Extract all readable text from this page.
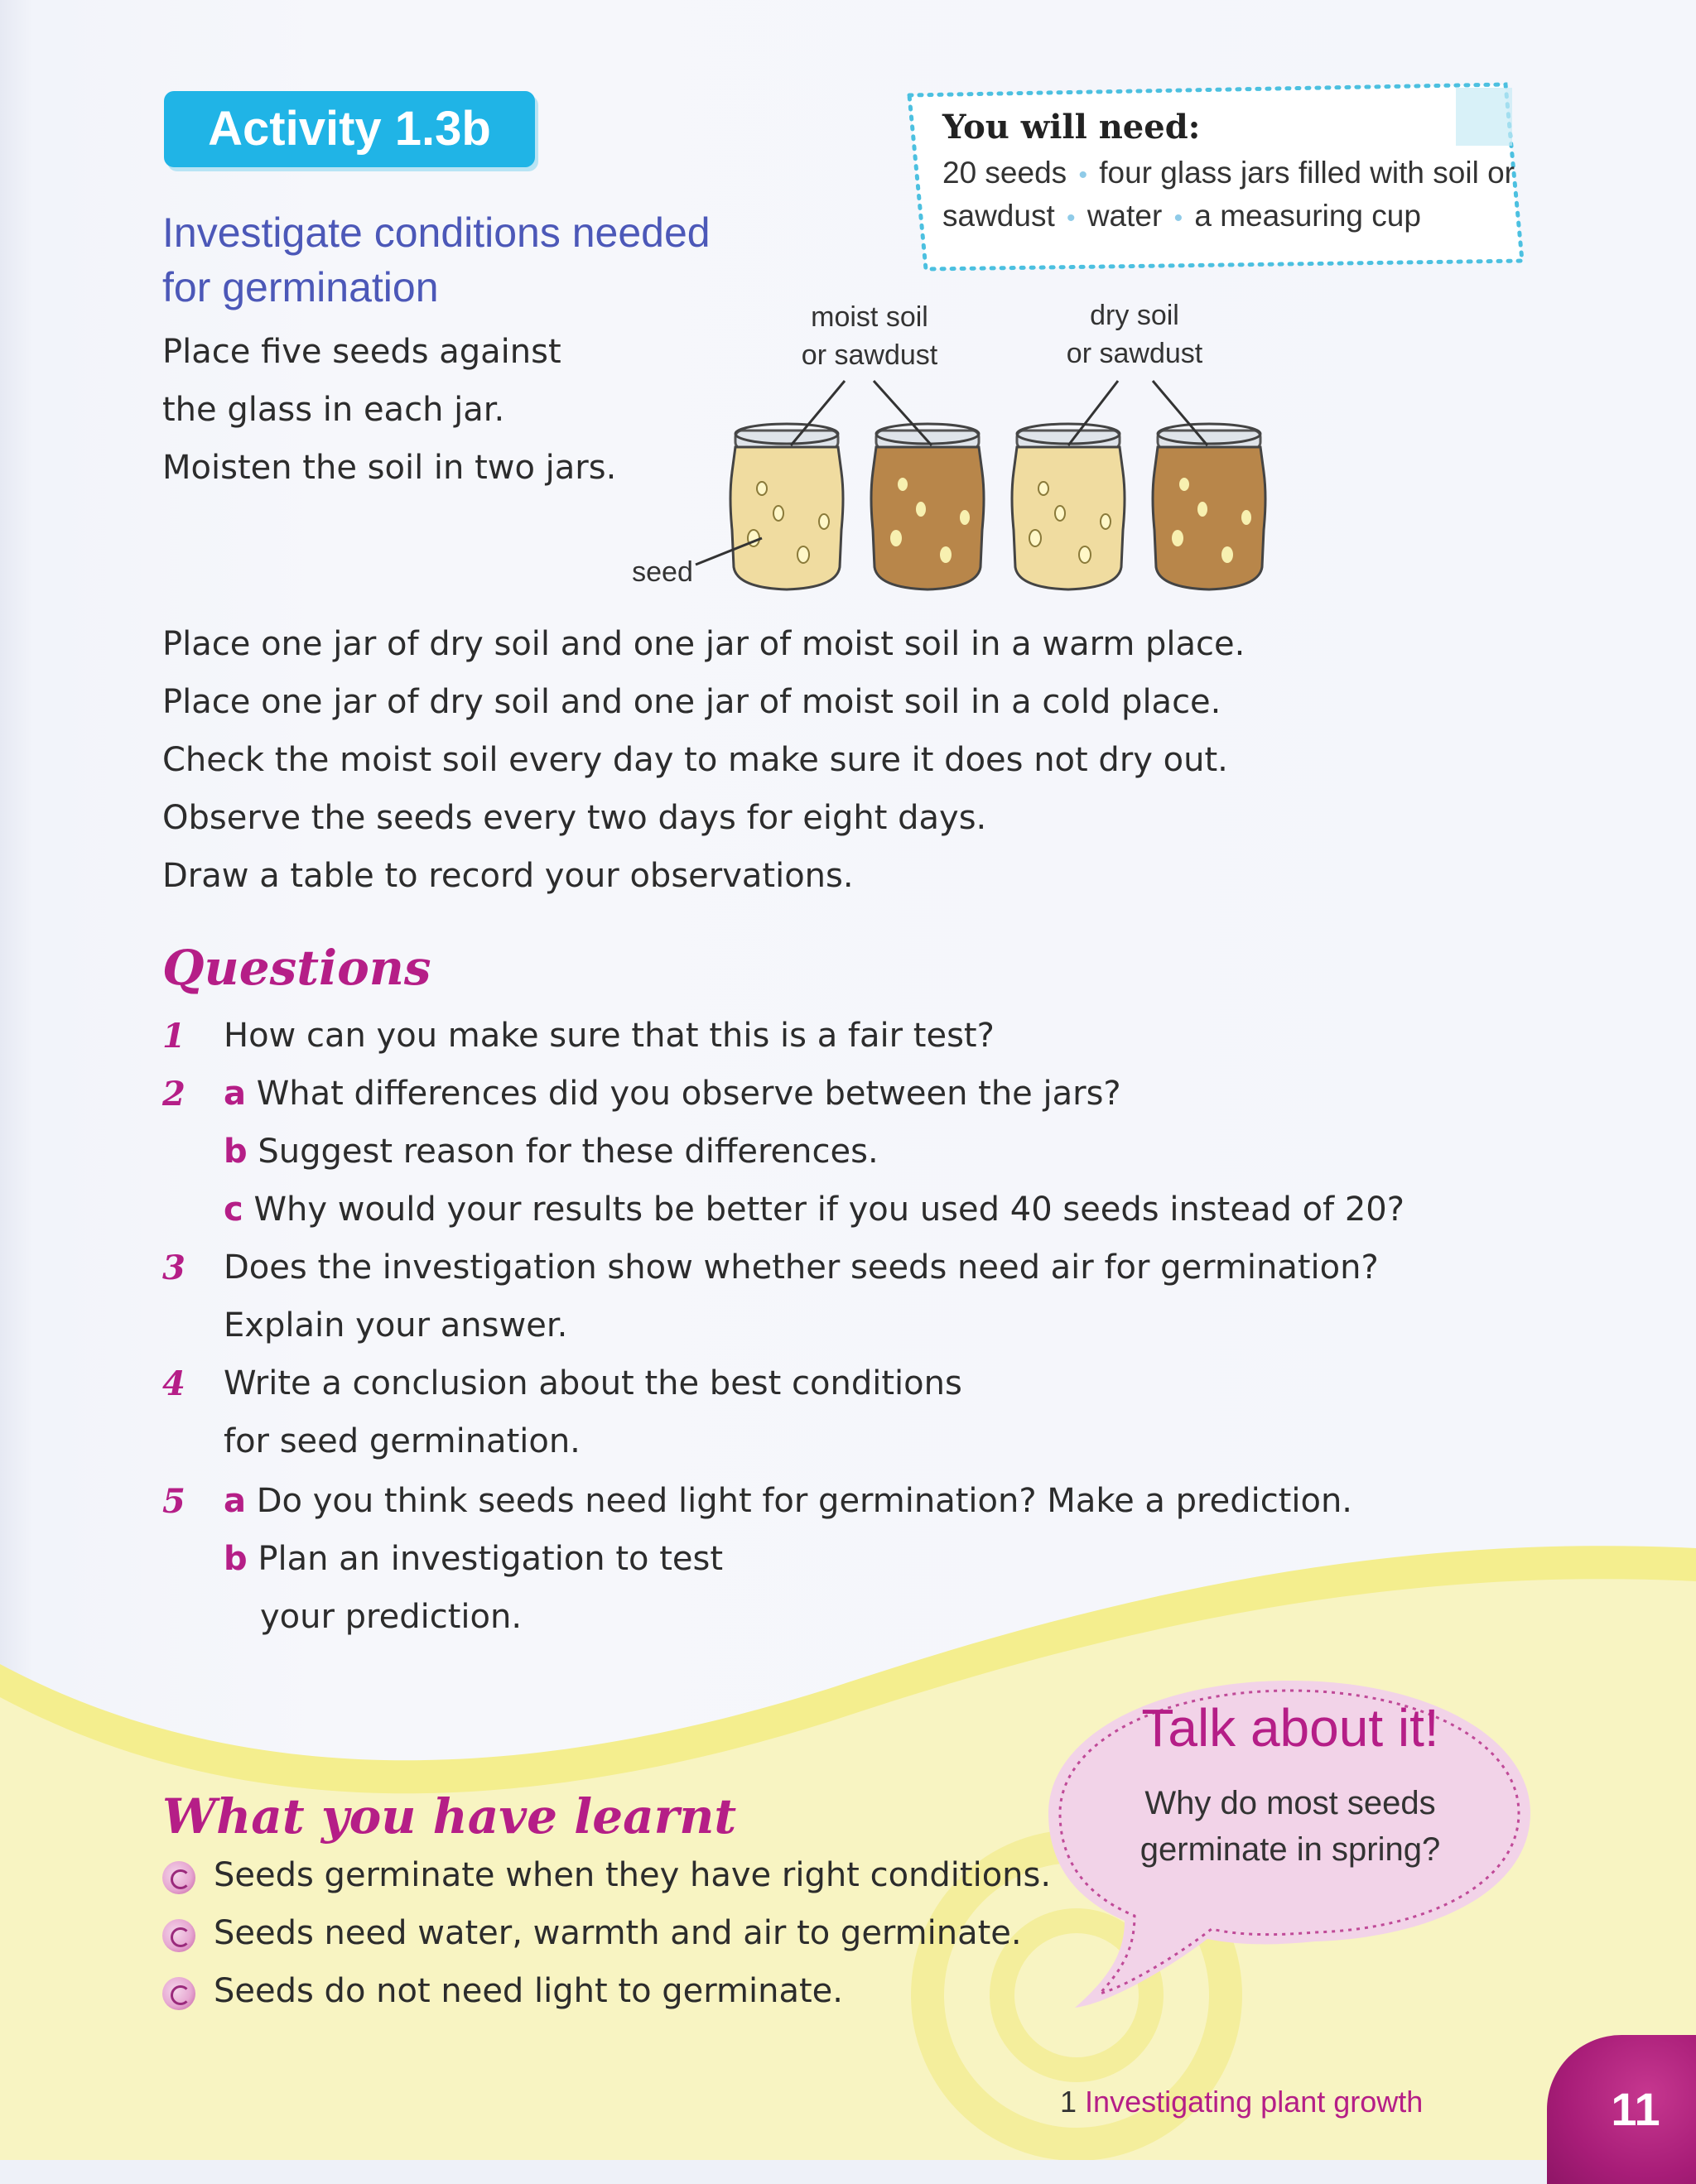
Activity 1.3b	You will need:
20 seeds • four glass jars filled with soil or
sawdust • water • a measuring cup
Investigate conditions needed
for germination
Place five seeds against
the glass in each jar.
Moisten the soil in two jars.
moist soil
or sawdust
dry soil
or sawdust
seed
Place one jar of dry soil and one jar of moist soil in a warm place.
Place one jar of dry soil and one jar of moist soil in a cold place.
Check the moist soil every day to make sure it does not dry out.
Observe the seeds every two days for eight days.
Draw a table to record your observations.
Questions
1 How can you make sure that this is a fair test?
2 a What differences did you observe between the jars?
b Suggest reason for these differences.
c Why would your results be better if you used 40 seeds instead of 20?
3 Does the investigation show whether seeds need air for germination?
Explain your answer.
4 Write a conclusion about the best conditions
for seed germination.
5 a Do you think seeds need light for germination? Make a prediction.
b Plan an investigation to test
your prediction.
What you have learnt
Seeds germinate when they have right conditions.
Seeds need water, warmth and air to germinate.
Seeds do not need light to germinate.
Talk about it!
Why do most seeds
germinate in spring?
1 Investigating plant growth	11
